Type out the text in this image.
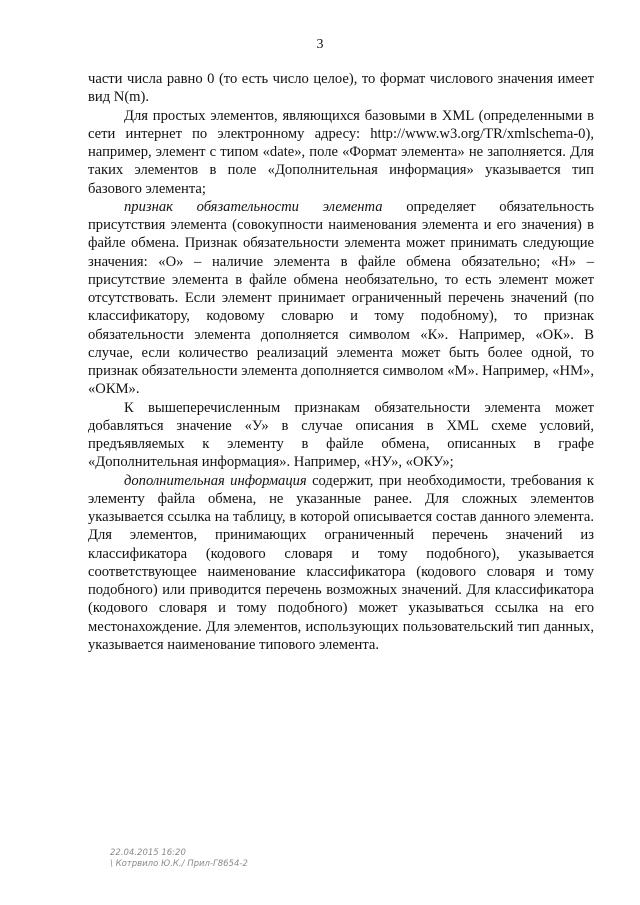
3

части числа равно 0 (то есть число целое), то формат числового значения имеет вид N(m).

Для простых элементов, являющихся базовыми в XML (определенными в сети интернет по электронному адресу: http://www.w3.org/TR/xmlschema-0), например, элемент с типом «date», поле «Формат элемента» не заполняется. Для таких элементов в поле «Дополнительная информация» указывается тип базового элемента;

признак обязательности элемента определяет обязательность присутствия элемента (совокупности наименования элемента и его значения) в файле обмена. Признак обязательности элемента может принимать следующие значения: «О» – наличие элемента в файле обмена обязательно; «Н» – присутствие элемента в файле обмена необязательно, то есть элемент может отсутствовать. Если элемент принимает ограниченный перечень значений (по классификатору, кодовому словарю и тому подобному), то признак обязательности элемента дополняется символом «К». Например, «ОК». В случае, если количество реализаций элемента может быть более одной, то признак обязательности элемента дополняется символом «М». Например, «НМ», «ОКМ».

К вышеперечисленным признакам обязательности элемента может добавляться значение «У» в случае описания в XML схеме условий, предъявляемых к элементу в файле обмена, описанных в графе «Дополнительная информация». Например, «НУ», «ОКУ»;

дополнительная информация содержит, при необходимости, требования к элементу файла обмена, не указанные ранее. Для сложных элементов указывается ссылка на таблицу, в которой описывается состав данного элемента. Для элементов, принимающих ограниченный перечень значений из классификатора (кодового словаря и тому подобного), указывается соответствующее наименование классификатора (кодового словаря и тому подобного) или приводится перечень возможных значений. Для классификатора (кодового словаря и тому подобного) может указываться ссылка на его местонахождение. Для элементов, использующих пользовательский тип данных, указывается наименование типового элемента.

22.04.2015 16:20
\ Котрвило Ю.К./ Прил-Г8654-2
